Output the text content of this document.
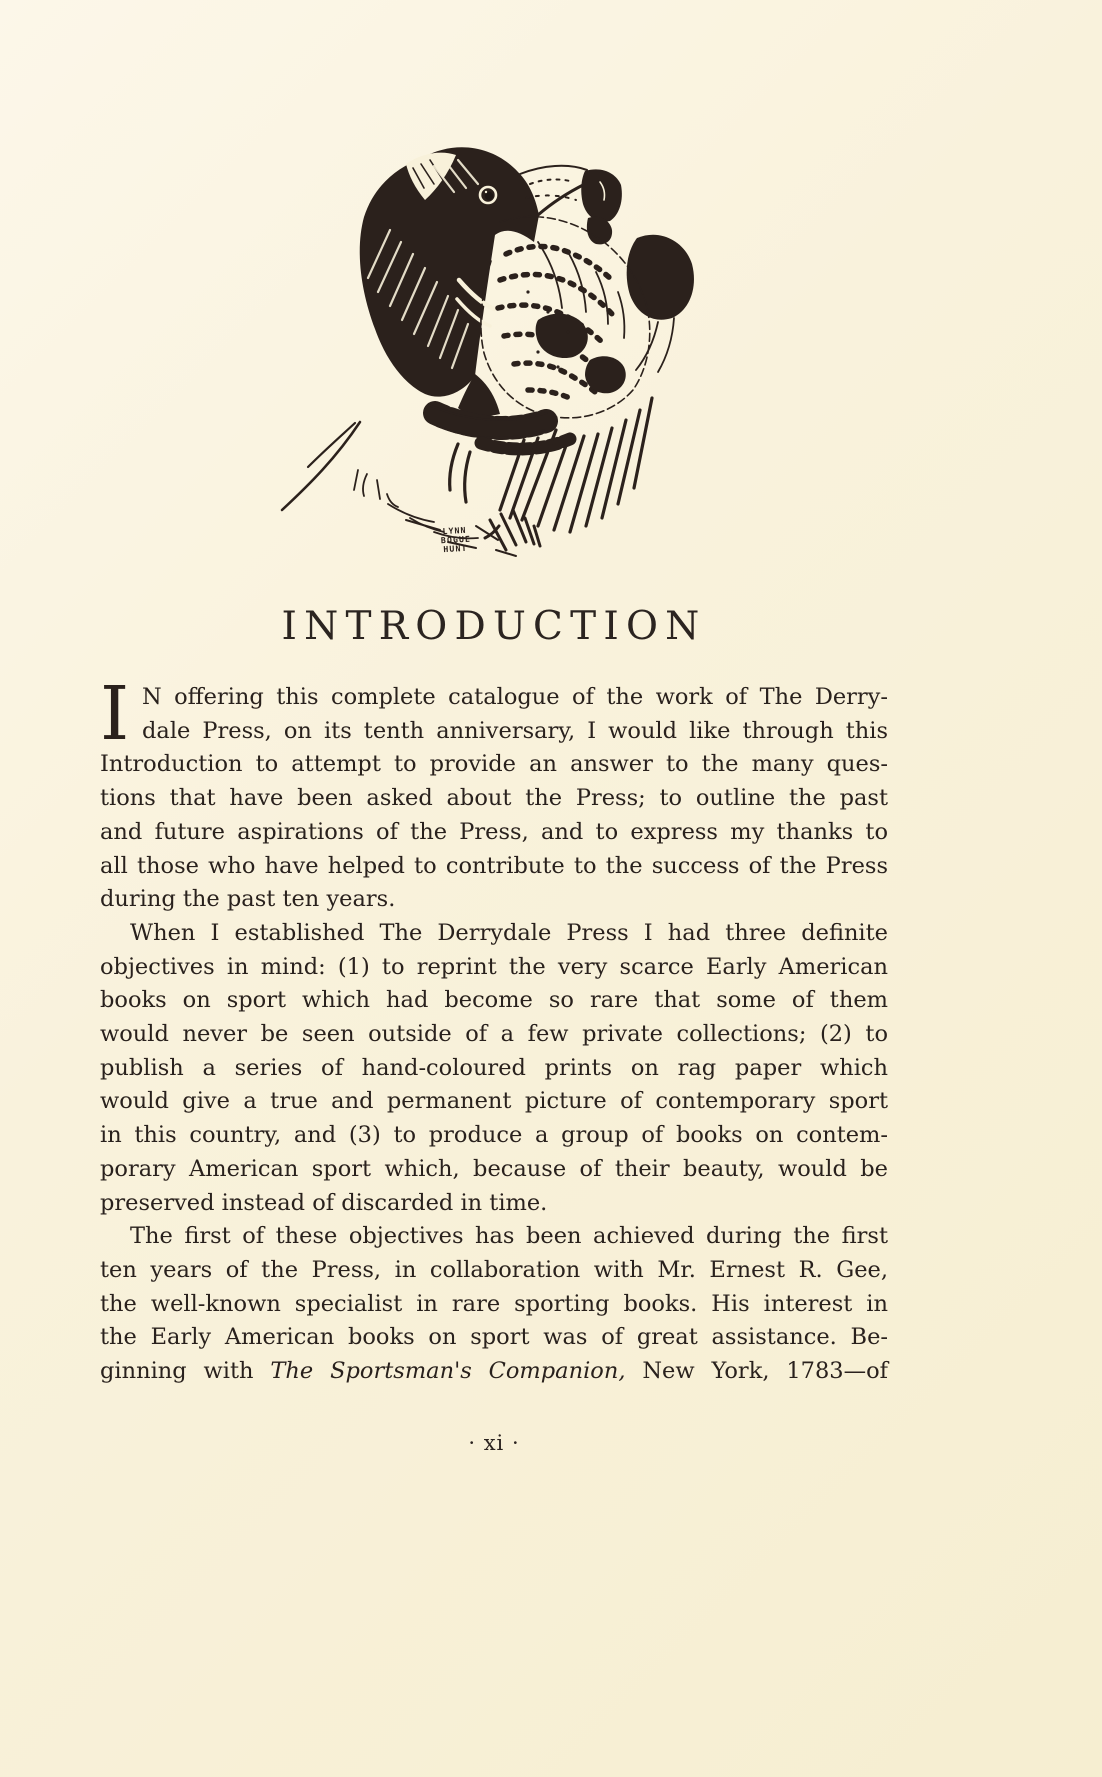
LYNN
BOGUE
HUNT
INTRODUCTION
I N offering this complete catalogue of the work of The Derry-
dale Press, on its tenth anniversary, I would like through this
Introduction to attempt to provide an answer to the many ques-
tions that have been asked about the Press; to outline the past
and future aspirations of the Press, and to express my thanks to
all those who have helped to contribute to the success of the Press
during the past ten years.
When I established The Derrydale Press I had three definite
objectives in mind: (1) to reprint the very scarce Early American
books on sport which had become so rare that some of them
would never be seen outside of a few private collections; (2) to
publish a series of hand-coloured prints on rag paper which
would give a true and permanent picture of contemporary sport
in this country, and (3) to produce a group of books on contem-
porary American sport which, because of their beauty, would be
preserved instead of discarded in time.
The first of these objectives has been achieved during the first
ten years of the Press, in collaboration with Mr. Ernest R. Gee,
the well-known specialist in rare sporting books. His interest in
the Early American books on sport was of great assistance. Be-
ginning with The Sportsman's Companion, New York, 1783—of
· xi ·
